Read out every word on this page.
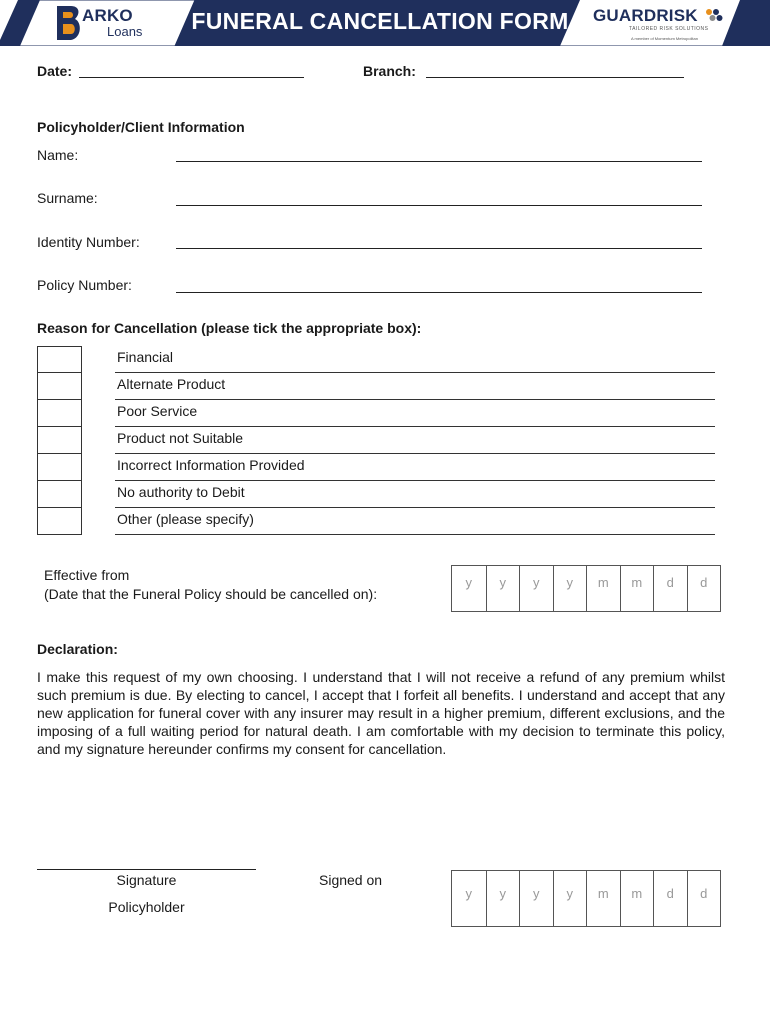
ARKO
Loans FUNERAL CANCELLATION FORM GUARDRISK
TAILORED RISK SOLUTIONS
A member of Momentum Metropolitan
Date:	Branch:
Policyholder/Client Information
Name:
Surname:
Identity Number:
Policy Number:
Reason for Cancellation (please tick the appropriate box):
Financial
Alternate Product
Poor Service
Product not Suitable
Incorrect Information Provided
No authority to Debit
Other (please specify)
Effective from
(Date that the Funeral Policy should be cancelled on):
y	y	y	y	m	m	d	d
Declaration:
I make this request of my own choosing. I understand that I will not receive a refund of any premium whilst such premium is due. By electing to cancel, I accept that I forfeit all benefits. I understand and accept that any new application for funeral cover with any insurer may result in a higher premium, different exclusions, and the imposing of a full waiting period for natural death. I am comfortable with my decision to terminate this policy, and my signature hereunder confirms my consent for cancellation.
Signature
Policyholder
Signed on
y	y	y	y	m	m	d	d
